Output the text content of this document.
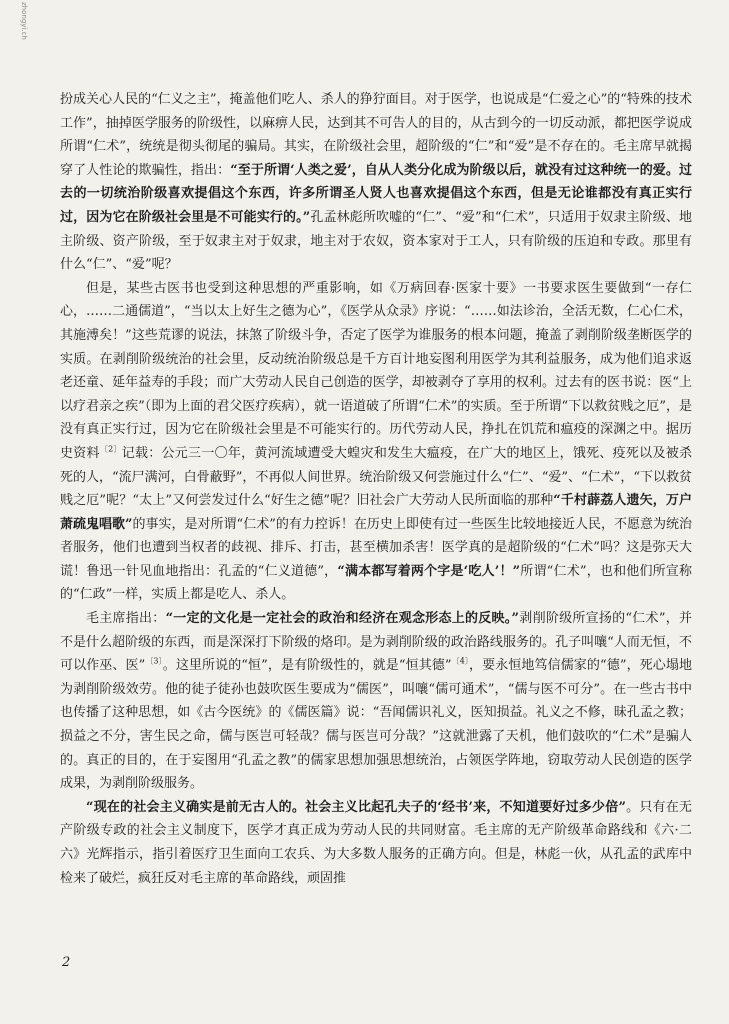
zhongyi.ch

扮成关心人民的“仁义之主”，掩盖他们吃人、杀人的狰狞面目。对于医学，也说成是“仁爱之心”的“特殊的技术工作”，抽掉医学服务的阶级性，以麻痹人民，达到其不可告人的目的，从古到今的一切反动派，都把医学说成所谓“仁术”，统统是彻头彻尾的骗局。其实，在阶级社会里，超阶级的“仁”和“爱”是不存在的。毛主席早就揭穿了人性论的欺骗性，指出：“至于所谓‘人类之爱’，自从人类分化成为阶级以后，就没有过这种统一的爱。过去的一切统治阶级喜欢提倡这个东西，许多所谓圣人贤人也喜欢提倡这个东西，但是无论谁都没有真正实行过，因为它在阶级社会里是不可能实行的。”孔孟林彪所吹嘘的“仁”、“爱”和“仁术”，只适用于奴隶主阶级、地主阶级、资产阶级，至于奴隶主对于奴隶，地主对于农奴，资本家对于工人，只有阶级的压迫和专政。那里有什么“仁”、“爱”呢？

但是，某些古医书也受到这种思想的严重影响，如《万病回春·医家十要》一书要求医生要做到“一存仁心，……二通儒道”，“当以太上好生之德为心”，《医学从众录》序说：“……如法诊治，全活无数，仁心仁术，其施溥矣！”这些荒谬的说法，抹煞了阶级斗争，否定了医学为谁服务的根本问题，掩盖了剥削阶级垄断医学的实质。在剥削阶级统治的社会里，反动统治阶级总是千方百计地妄图利用医学为其利益服务，成为他们追求返老还童、延年益寿的手段；而广大劳动人民自己创造的医学，却被剥夺了享用的权利。过去有的医书说：医“上以疗君亲之疾”（即为上面的君父医疗疾病），就一语道破了所谓“仁术”的实质。至于所谓“下以救贫贱之厄”，是没有真正实行过，因为它在阶级社会里是不可能实行的。历代劳动人民，挣扎在饥荒和瘟疫的深渊之中。据历史资料$^{〔2〕}$记载：公元三一〇年，黄河流域遭受大蝗灾和发生大瘟疫，在广大的地区上，饿死、疫死以及被杀死的人，“流尸满河，白骨蔽野”，不再似人间世界。统治阶级又何尝施过什么“仁”、“爱”、“仁术”，“下以救贫贱之厄”呢？“太上”又何尝发过什么“好生之德”呢？旧社会广大劳动人民所面临的那种“千村薜荔人遗矢，万户萧疏鬼唱歌”的事实，是对所谓“仁术”的有力控诉！在历史上即使有过一些医生比较地接近人民，不愿意为统治者服务，他们也遭到当权者的歧视、排斥、打击，甚至横加杀害！医学真的是超阶级的“仁术”吗？这是弥天大谎！鲁迅一针见血地指出：孔孟的“仁义道德”，“满本都写着两个字是‘吃人’！”所谓“仁术”，也和他们所宣称的“仁政”一样，实质上都是吃人、杀人。

毛主席指出：“一定的文化是一定社会的政治和经济在观念形态上的反映。”剥削阶级所宣扬的“仁术”，并不是什么超阶级的东西，而是深深打下阶级的烙印。是为剥削阶级的政治路线服务的。孔子叫嚷“人而无恒，不可以作巫、医”$^{〔3〕}$。这里所说的“恒”，是有阶级性的，就是“恒其德”$^{〔4〕}$，要永恒地笃信儒家的“德”，死心塌地为剥削阶级效劳。他的徒子徒孙也鼓吹医生要成为“儒医”，叫嚷“儒可通术”，“儒与医不可分”。在一些古书中也传播了这种思想，如《古今医统》的《儒医篇》说：“吾闻儒识礼义，医知损益。礼义之不修，昧孔孟之教；损益之不分，害生民之命，儒与医岂可轻哉？儒与医岂可分哉？”这就泄露了天机，他们鼓吹的“仁术”是骗人的。真正的目的，在于妄图用“孔孟之教”的儒家思想加强思想统治，占领医学阵地，窃取劳动人民创造的医学成果，为剥削阶级服务。

“现在的社会主义确实是前无古人的。社会主义比起孔夫子的‘经书’来，不知道要好过多少倍”。只有在无产阶级专政的社会主义制度下，医学才真正成为劳动人民的共同财富。毛主席的无产阶级革命路线和《六·二六》光辉指示，指引着医疗卫生面向工农兵、为大多数人服务的正确方向。但是，林彪一伙，从孔孟的武库中检来了破烂，疯狂反对毛主席的革命路线，顽固推

2
